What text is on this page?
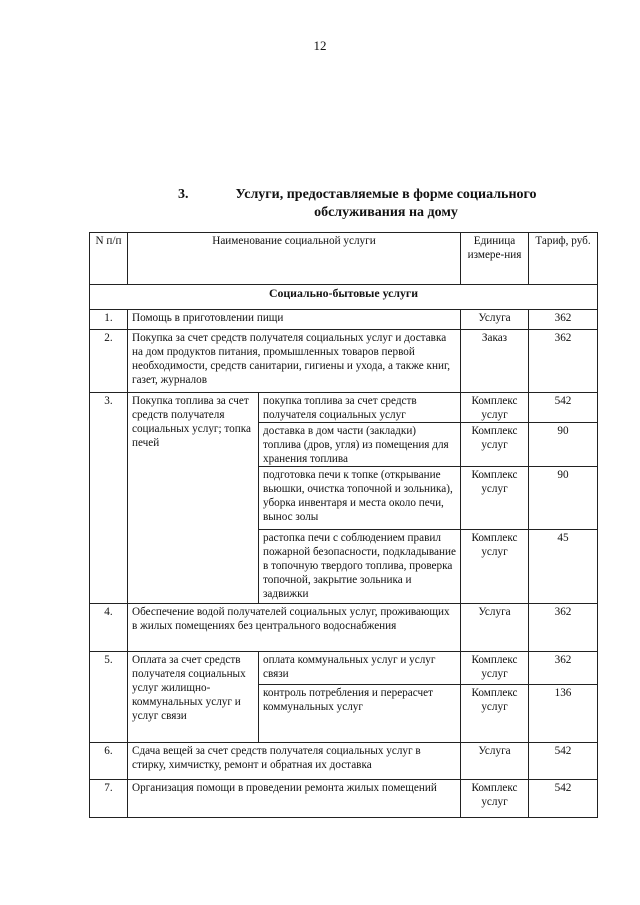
12
3.	Услуги, предоставляемые в форме социального обслуживания на дому
N п/п	Наименование социальной услуги		Единица измере-ния	Тариф, руб.
Социально-бытовые услуги				
1.	Помощь в приготовлении пищи		Услуга	362
2.	Покупка за счет средств получателя социальных услуг и доставка на дом продуктов питания, промышленных товаров первой необходимости, средств санитарии, гигиены и ухода, а также книг, газет, журналов		Заказ	362
3.	Покупка топлива за счет средств получателя социальных услуг; топка печей	покупка топлива за счет средств получателя социальных услуг	Комплекс услуг	542
		доставка в дом части (закладки) топлива (дров, угля) из помещения для хранения топлива	Комплекс услуг	90
		подготовка печи к топке (открывание вьюшки, очистка топочной и зольника), уборка инвентаря и места около печи, вынос золы	Комплекс услуг	90
		растопка печи с соблюдением правил пожарной безопасности, подкладывание в топочную твердого топлива, проверка топочной, закрытие зольника и задвижки	Комплекс услуг	45
4.	Обеспечение водой получателей социальных услуг, проживающих в жилых помещениях без центрального водоснабжения		Услуга	362
5.	Оплата за счет средств получателя социальных услуг жилищно-коммунальных услуг и услуг связи	оплата коммунальных услуг и услуг связи	Комплекс услуг	362
		контроль потребления и перерасчет коммунальных услуг	Комплекс услуг	136
6.	Сдача вещей за счет средств получателя социальных услуг в стирку, химчистку, ремонт и обратная их доставка		Услуга	542
7.	Организация помощи в проведении ремонта жилых помещений		Комплекс услуг	542
